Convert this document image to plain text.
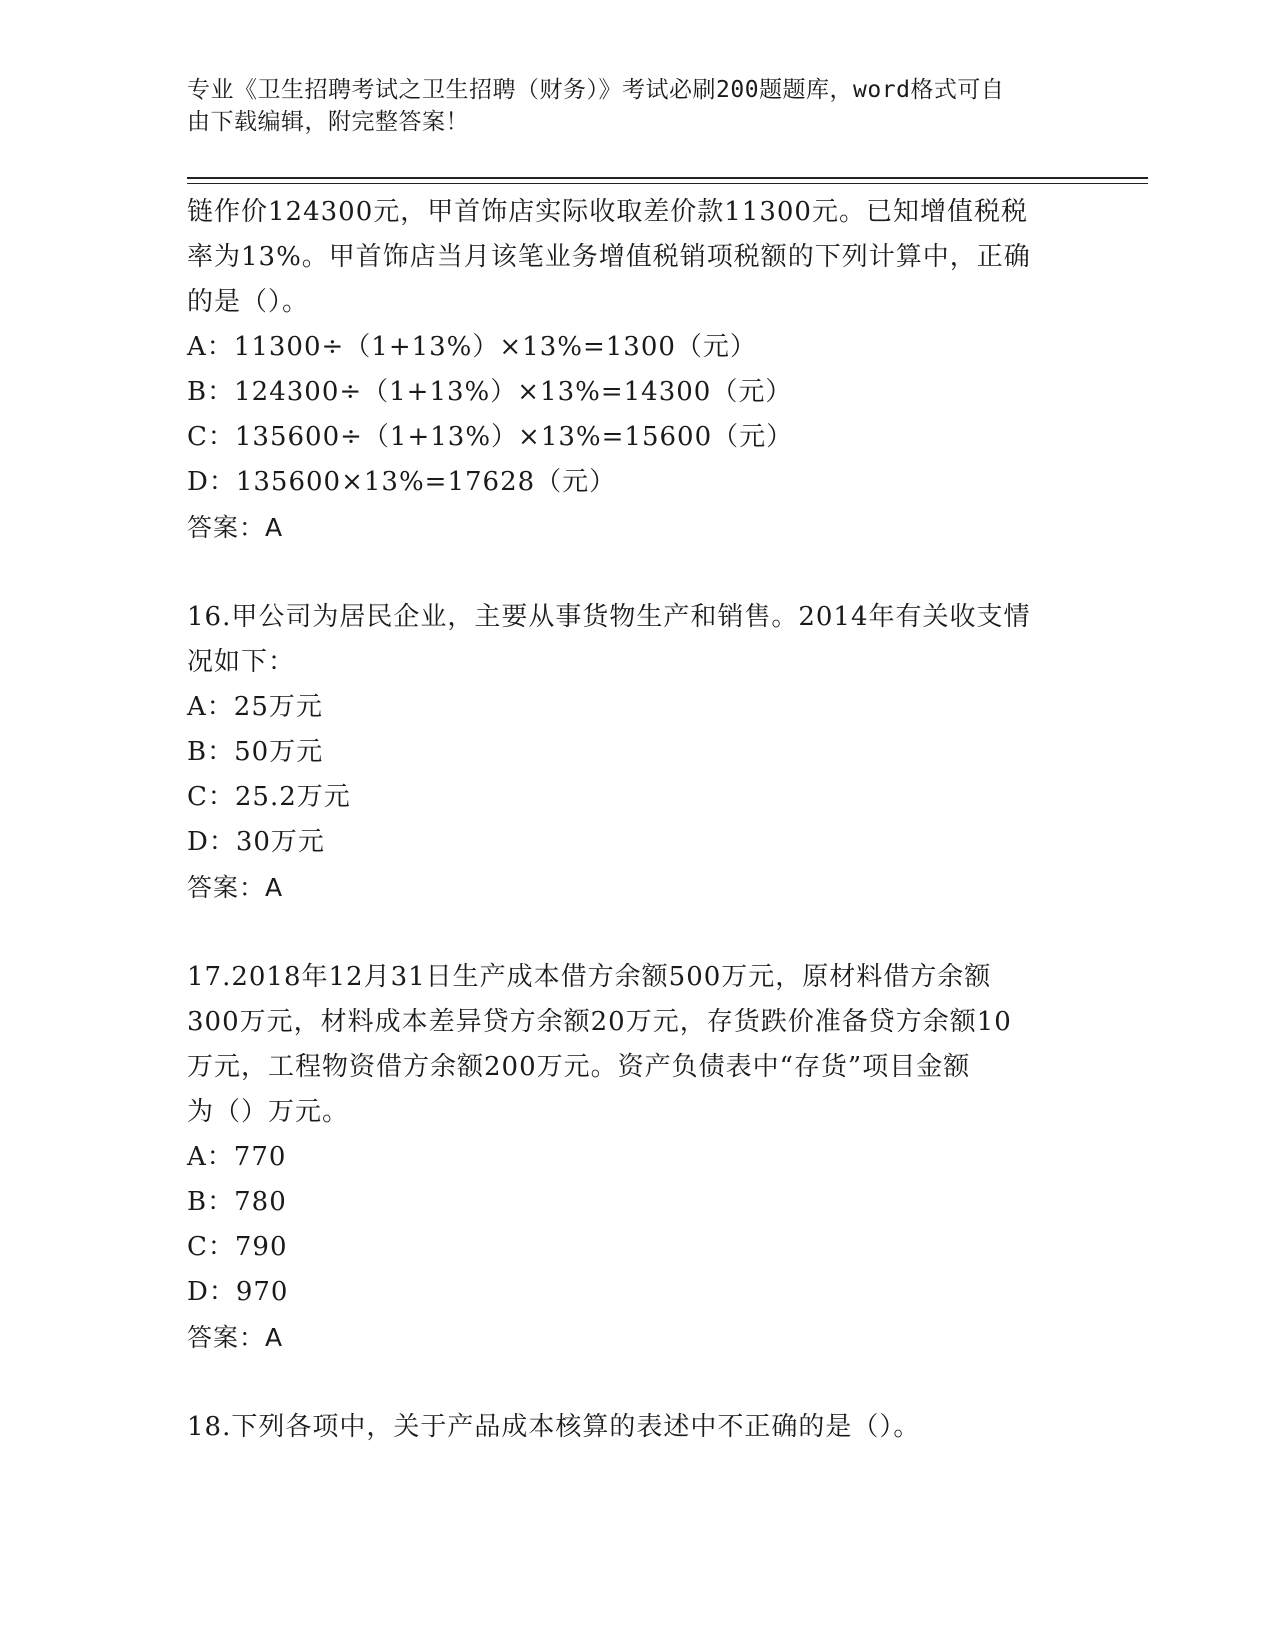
专业《卫生招聘考试之卫生招聘（财务）》考试必刷200题题库，word格式可自
由下载编辑，附完整答案！
链作价124300元，甲首饰店实际收取差价款11300元。已知增值税税
率为13%。甲首饰店当月该笔业务增值税销项税额的下列计算中，正确
的是（）。
A：11300÷（1+13%）×13%=1300（元）
B：124300÷（1+13%）×13%=14300（元）
C：135600÷（1+13%）×13%=15600（元）
D：135600×13%=17628（元）
答案：A
16.甲公司为居民企业，主要从事货物生产和销售。2014年有关收支情
况如下：
A：25万元
B：50万元
C：25.2万元
D：30万元
答案：A
17.2018年12月31日生产成本借方余额500万元，原材料借方余额
300万元，材料成本差异贷方余额20万元，存货跌价准备贷方余额10
万元，工程物资借方余额200万元。资产负债表中“存货”项目金额
为（）万元。
A：770
B：780
C：790
D：970
答案：A
18.下列各项中，关于产品成本核算的表述中不正确的是（）。
